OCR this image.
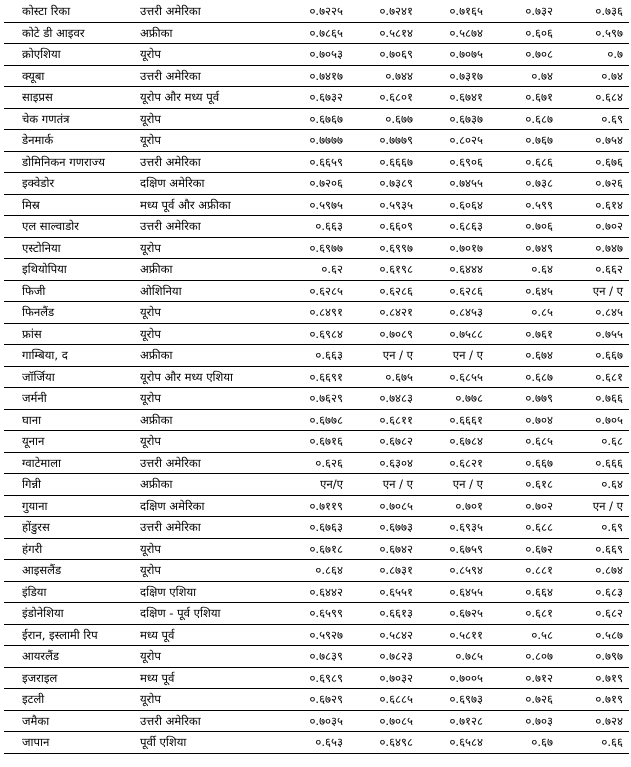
कोस्टा रिका	उत्तरी अमेरिका	०.७२२५	०.७२४१	०.७१६५	०.७३२	०.७३६
कोटे डी आइवर	अफ्रीका	०.७८६५	०.५८१४	०.५८७४	०.६०६	०.५९७
क्रोएशिया	यूरोप	०.७०५३	०.७०६९	०.७०७५	०.७०८	०.७
क्यूबा	उत्तरी अमेरिका	०.७४१७	०.७४४	०.७३१७	०.७४	०.७४
साइप्रस	यूरोप और मध्य पूर्व	०.६७३२	०.६८०१	०.६७४१	०.६७१	०.६८४
चेक गणतंत्र	यूरोप	०.६७६७	०.६७७	०.६७३७	०.६८७	०.६९
डेनमार्क	यूरोप	०.७७७७	०.७७७९	०.८०२५	०.७६७	०.७५४
डोमिनिकन गणराज्य	उत्तरी अमेरिका	०.६६५९	०.६६६७	०.६९०६	०.६८६	०.६७६
इक्वेडोर	दक्षिण अमेरिका	०.७२०६	०.७३८९	०.७४५५	०.७३८	०.७२६
मिस्र	मध्य पूर्व और अफ्रीका	०.५९७५	०.५९३५	०.६०६४	०.५९९	०.६१४
एल साल्वाडोर	उत्तरी अमेरिका	०.६६३	०.६६०९	०.६८६३	०.७०६	०.७०२
एस्टोनिया	यूरोप	०.६९७७	०.६९९७	०.७०१७	०.७४९	०.७४७
इथियोपिया	अफ्रीका	०.६२	०.६१९८	०.६४४४	०.६४	०.६६२
फिजी	ओशिनिया	०.६२८५	०.६२८६	०.६२८६	०.६४५	एन / ए
फिनलैंड	यूरोप	०.८४९१	०.८४२१	०.८४५३	०.८५	०.८४५
फ्रांस	यूरोप	०.६९८४	०.७०८९	०.७५८८	०.७६१	०.७५५
गाम्बिया, द	अफ्रीका	०.६६३	एन / ए	एन / ए	०.६७४	०.६६७
जॉर्जिया	यूरोप और मध्य एशिया	०.६६९१	०.६७५	०.६८५५	०.६८७	०.६८१
जर्मनी	यूरोप	०.७६२९	०.७४८३	०.७७८	०.७७९	०.७६६
घाना	अफ्रीका	०.६७७८	०.६८११	०.६६६१	०.७०४	०.७०५
यूनान	यूरोप	०.६७१६	०.६७८२	०.६७८४	०.६८५	०.६८
ग्वाटेमाला	उत्तरी अमेरिका	०.६२६	०.६३०४	०.६८२१	०.६६७	०.६६६
गिन्नी	अफ्रीका	एन/ए	एन / ए	एन / ए	०.६१८	०.६४
गुयाना	दक्षिण अमेरिका	०.७११९	०.७०८५	०.७०१	०.७०२	एन / ए
होंडुरस	उत्तरी अमेरिका	०.६७६३	०.६७७३	०.६९३५	०.६८८	०.६९
हंगरी	यूरोप	०.६७१८	०.६७४२	०.६७५९	०.६७२	०.६६९
आइसलैंड	यूरोप	०.८६४	०.८७३१	०.८५९४	०.८८१	०.८७४
इंडिया	दक्षिण एशिया	०.६४४२	०.६५५१	०.६४५५	०.६६४	०.६८३
इंडोनेशिया	दक्षिण - पूर्व एशिया	०.६५९९	०.६६१३	०.६७२५	०.६८१	०.६८२
ईरान, इस्लामी रिप	मध्य पूर्व	०.५९२७	०.५८४२	०.५८११	०.५८	०.५८७
आयरलैंड	यूरोप	०.७८३९	०.७८२३	०.७८५	०.८०७	०.७९७
इजराइल	मध्य पूर्व	०.६९८९	०.७०३२	०.७००५	०.७१२	०.७१९
इटली	यूरोप	०.६७२९	०.६८८५	०.६९७३	०.७२६	०.७१९
जमैका	उत्तरी अमेरिका	०.७०३५	०.७०८५	०.७१२८	०.७०३	०.७२४
जापान	पूर्वी एशिया	०.६५३	०.६४९८	०.६५८४	०.६७	०.६६
